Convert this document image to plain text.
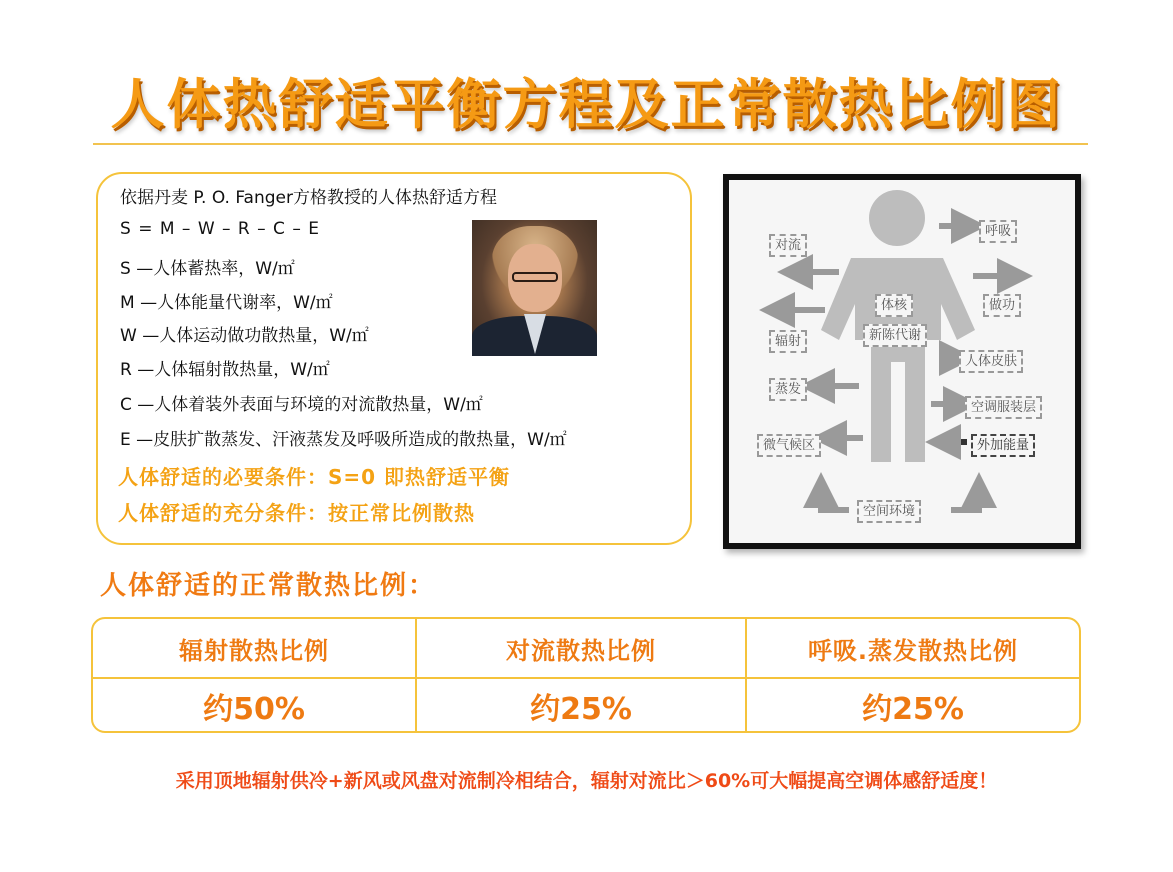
人体热舒适平衡方程及正常散热比例图
依据丹麦 P. O. Fanger方格教授的人体热舒适方程
S = M – W – R – C – E
S —人体蓄热率，W/㎡
M —人体能量代谢率，W/㎡
W —人体运动做功散热量，W/㎡
R —人体辐射散热量，W/㎡
C —人体着装外表面与环境的对流散热量，W/㎡
E —皮肤扩散蒸发、汗液蒸发及呼吸所造成的散热量，W/㎡
人体舒适的必要条件：S=0 即热舒适平衡
人体舒适的充分条件：按正常比例散热
对流
呼吸
体核	做功
新陈代谢
辐射
人体皮肤
蒸发
空调服装层
微气候区	外加能量
空间环境
人体舒适的正常散热比例：
辐射散热比例	对流散热比例	呼吸.蒸发散热比例
约50%	约25%	约25%
采用顶地辐射供冷+新风或风盘对流制冷相结合，辐射对流比＞60%可大幅提高空调体感舒适度！
